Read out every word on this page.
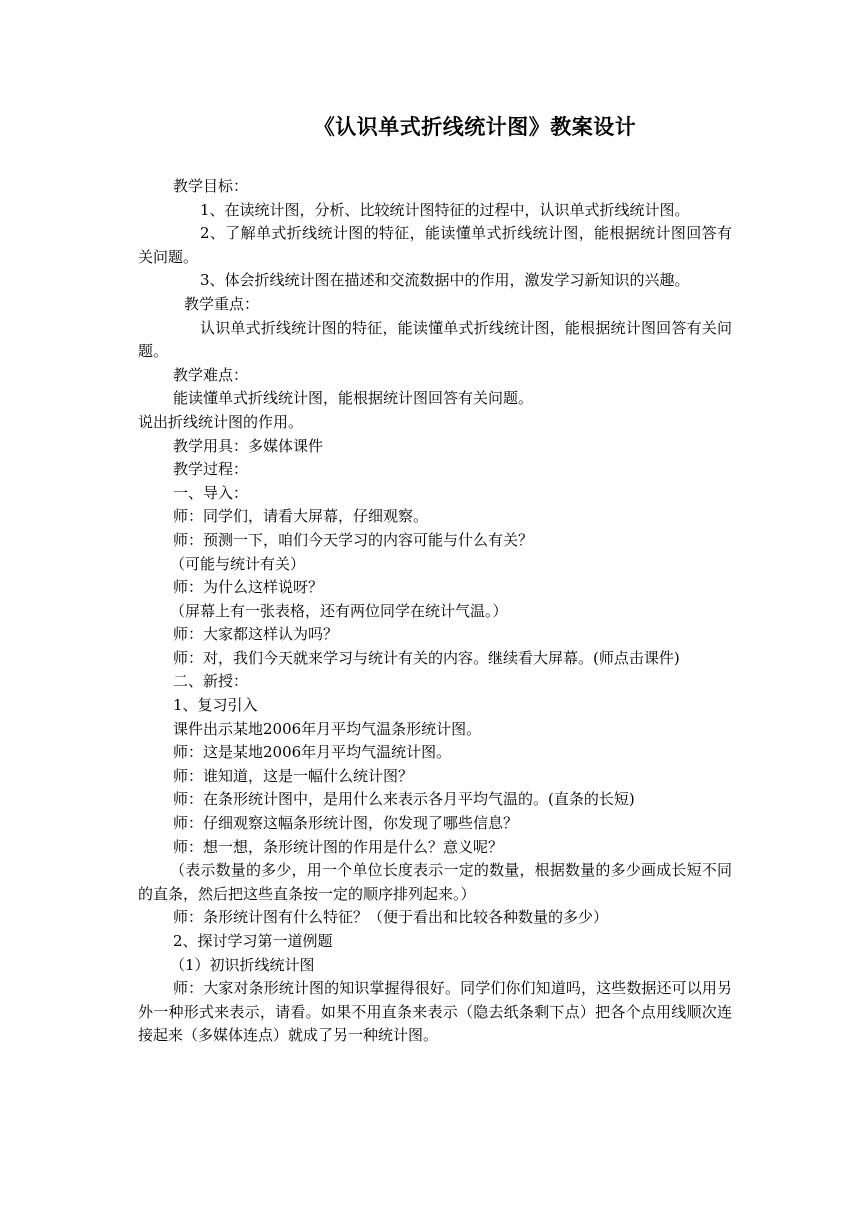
《认识单式折线统计图》教案设计

教学目标：

1、在读统计图，分析、比较统计图特征的过程中，认识单式折线统计图。

2、了解单式折线统计图的特征，能读懂单式折线统计图，能根据统计图回答有关问题。

3、体会折线统计图在描述和交流数据中的作用，激发学习新知识的兴趣。

教学重点：

认识单式折线统计图的特征，能读懂单式折线统计图，能根据统计图回答有关问题。

教学难点：

能读懂单式折线统计图，能根据统计图回答有关问题。

说出折线统计图的作用。

教学用具：多媒体课件

教学过程：

一、导入：

师：同学们，请看大屏幕，仔细观察。

师：预测一下，咱们今天学习的内容可能与什么有关？

（可能与统计有关）

师：为什么这样说呀？

（屏幕上有一张表格，还有两位同学在统计气温。）

师：大家都这样认为吗？

师：对，我们今天就来学习与统计有关的内容。继续看大屏幕。(师点击课件)

二、新授：

1、复习引入

课件出示某地2006年月平均气温条形统计图。

师：这是某地2006年月平均气温统计图。

师：谁知道，这是一幅什么统计图？

师：在条形统计图中，是用什么来表示各月平均气温的。(直条的长短)

师：仔细观察这幅条形统计图，你发现了哪些信息？

师：想一想，条形统计图的作用是什么？意义呢？

（表示数量的多少，用一个单位长度表示一定的数量，根据数量的多少画成长短不同的直条，然后把这些直条按一定的顺序排列起来。）

师：条形统计图有什么特征？（便于看出和比较各种数量的多少）

2、探讨学习第一道例题

（1）初识折线统计图

师：大家对条形统计图的知识掌握得很好。同学们你们知道吗，这些数据还可以用另外一种形式来表示，请看。如果不用直条来表示（隐去纸条剩下点）把各个点用线顺次连接起来（多媒体连点）就成了另一种统计图。
